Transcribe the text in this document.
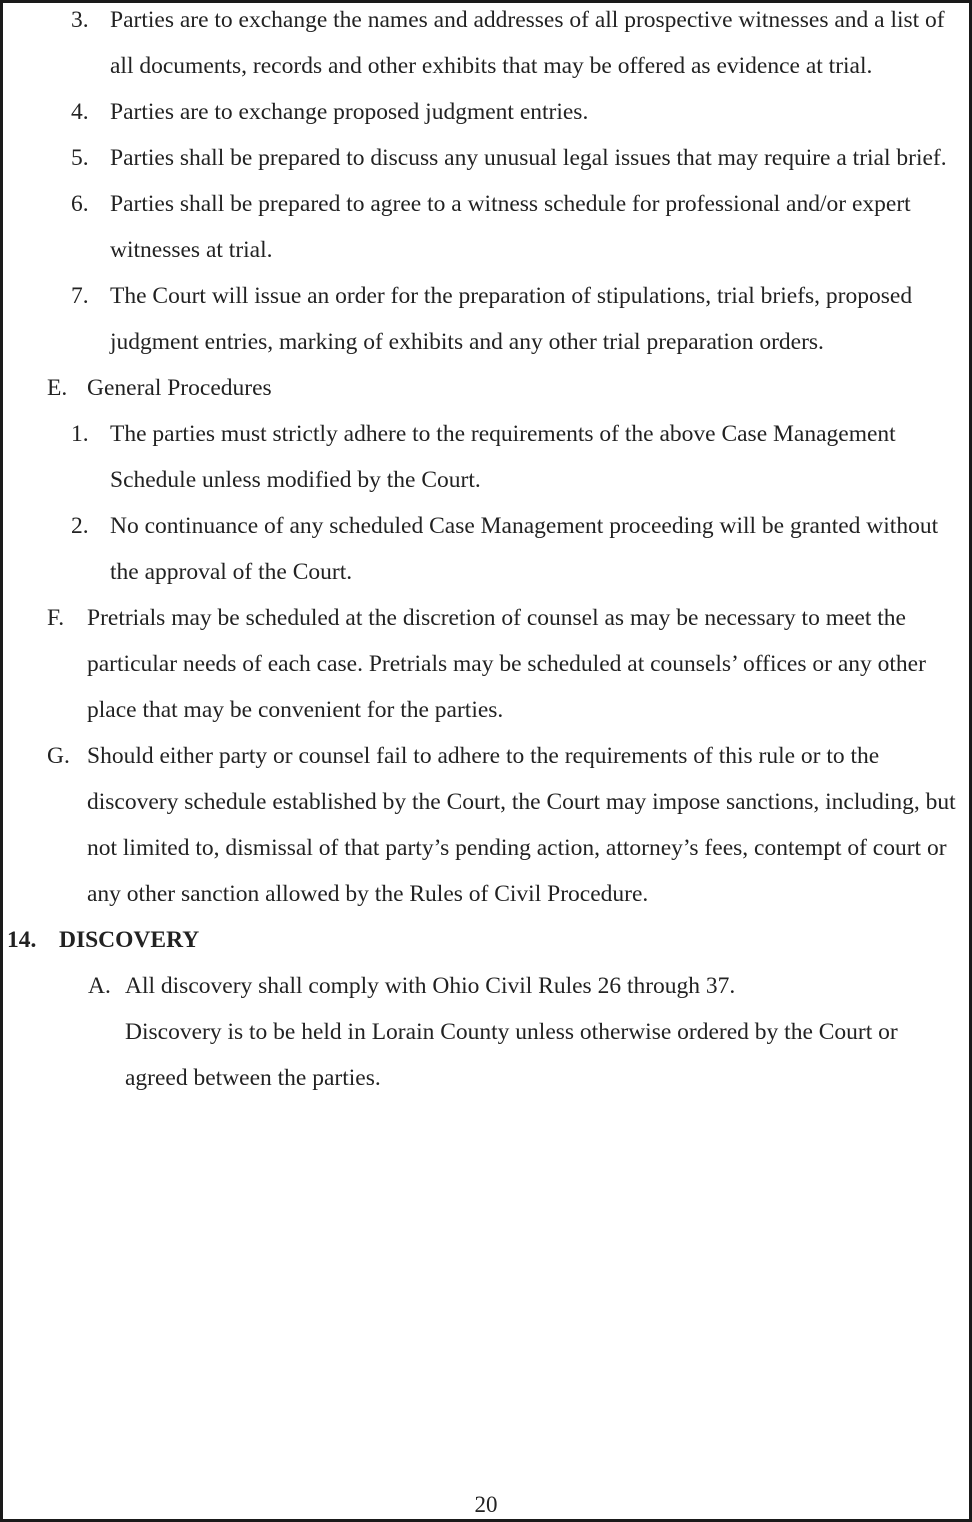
3. Parties are to exchange the names and addresses of all prospective witnesses and a list of all documents, records and other exhibits that may be offered as evidence at trial.
4. Parties are to exchange proposed judgment entries.
5. Parties shall be prepared to discuss any unusual legal issues that may require a trial brief.
6. Parties shall be prepared to agree to a witness schedule for professional and/or expert witnesses at trial.
7. The Court will issue an order for the preparation of stipulations, trial briefs, proposed judgment entries, marking of exhibits and any other trial preparation orders.
E. General Procedures
1. The parties must strictly adhere to the requirements of the above Case Management Schedule unless modified by the Court.
2. No continuance of any scheduled Case Management proceeding will be granted without the approval of the Court.
F. Pretrials may be scheduled at the discretion of counsel as may be necessary to meet the particular needs of each case. Pretrials may be scheduled at counsels’ offices or any other place that may be convenient for the parties.
G. Should either party or counsel fail to adhere to the requirements of this rule or to the discovery schedule established by the Court, the Court may impose sanctions, including, but not limited to, dismissal of that party’s pending action, attorney’s fees, contempt of court or any other sanction allowed by the Rules of Civil Procedure.
14. DISCOVERY
A. All discovery shall comply with Ohio Civil Rules 26 through 37.
Discovery is to be held in Lorain County unless otherwise ordered by the Court or agreed between the parties.
20
